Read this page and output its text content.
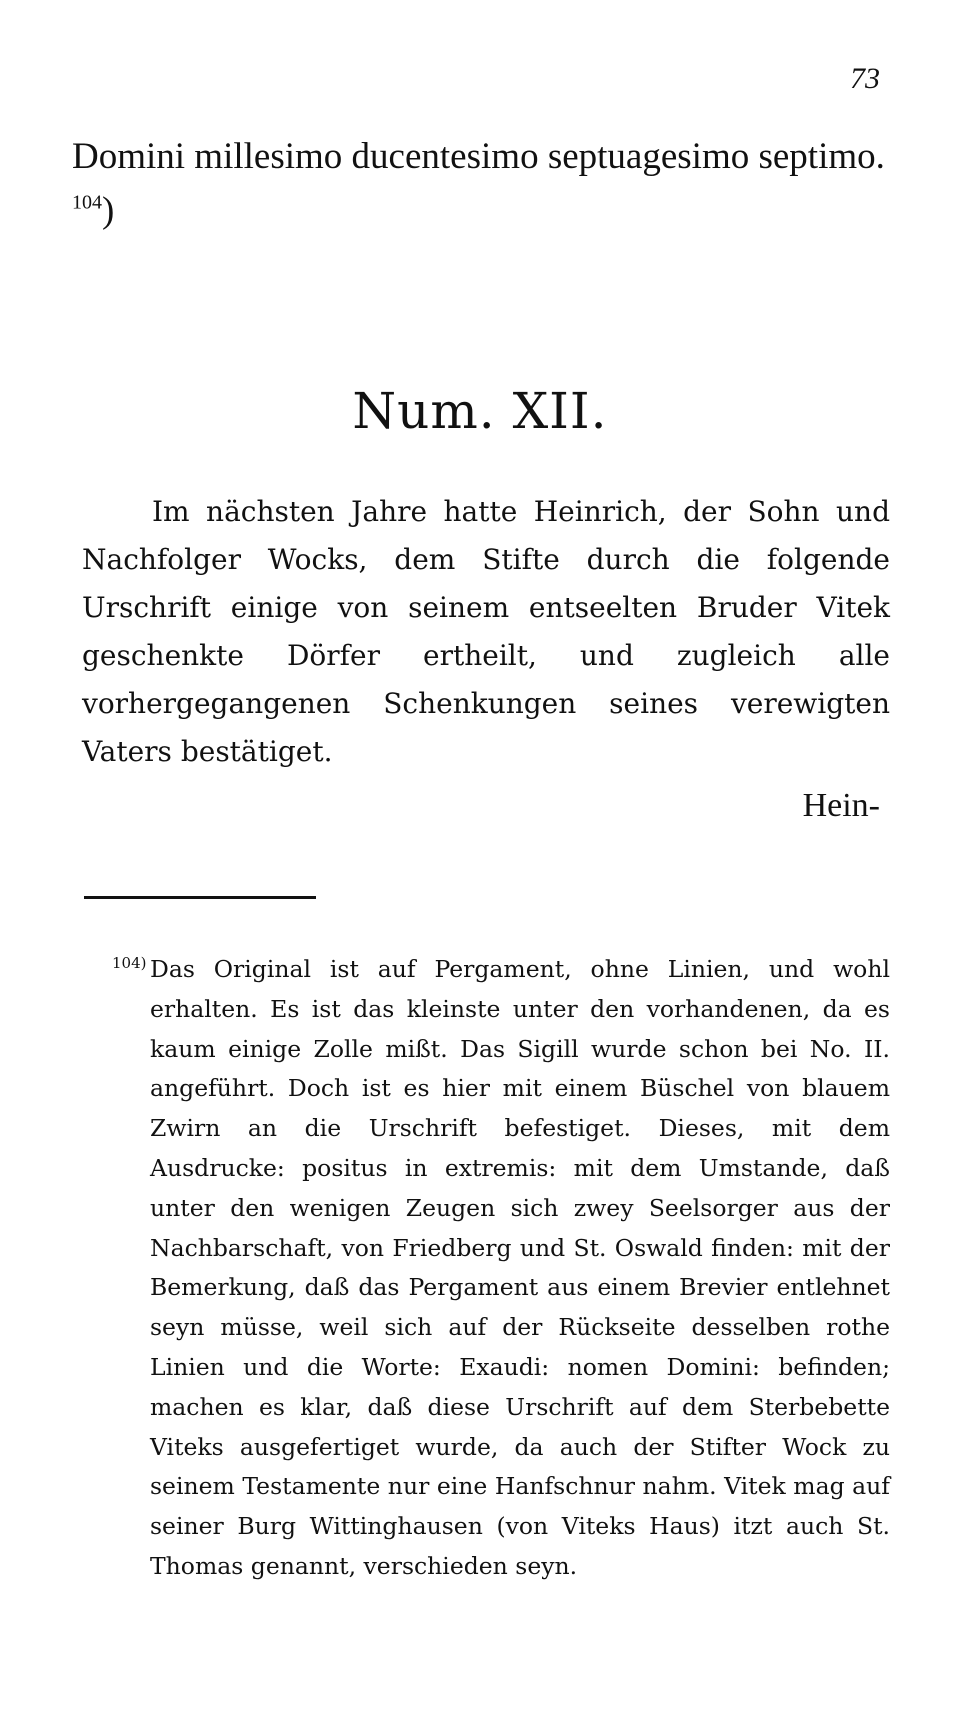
73
Domini millesimo ducentesimo septuagesimo septimo. $^{104}$)
Num. XII.
Im nächsten Jahre hatte Heinrich, der Sohn und Nachfolger Wocks, dem Stifte durch die folgende Urschrift einige von seinem entseelten Bruder Vitek geschenkte Dörfer ertheilt, und zugleich alle vorhergegangenen Schenkungen seines verewigten Vaters bestätiget.
Hein-
104) Das Original ist auf Pergament, ohne Linien, und wohl erhalten. Es ist das kleinste unter den vorhandenen, da es kaum einige Zolle mißt. Das Sigill wurde schon bei No. II. angeführt. Doch ist es hier mit einem Büschel von blauem Zwirn an die Urschrift befestiget. Dieses, mit dem Ausdrucke: positus in extremis: mit dem Umstande, daß unter den wenigen Zeugen sich zwey Seelsorger aus der Nachbarschaft, von Friedberg und St. Oswald finden: mit der Bemerkung, daß das Pergament aus einem Brevier entlehnet seyn müsse, weil sich auf der Rückseite desselben rothe Linien und die Worte: Exaudi: nomen Domini: befinden; machen es klar, daß diese Urschrift auf dem Sterbebette Viteks ausgefertiget wurde, da auch der Stifter Wock zu seinem Testamente nur eine Hanfschnur nahm. Vitek mag auf seiner Burg Wittinghausen (von Viteks Haus) itzt auch St. Thomas genannt, verschieden seyn.
